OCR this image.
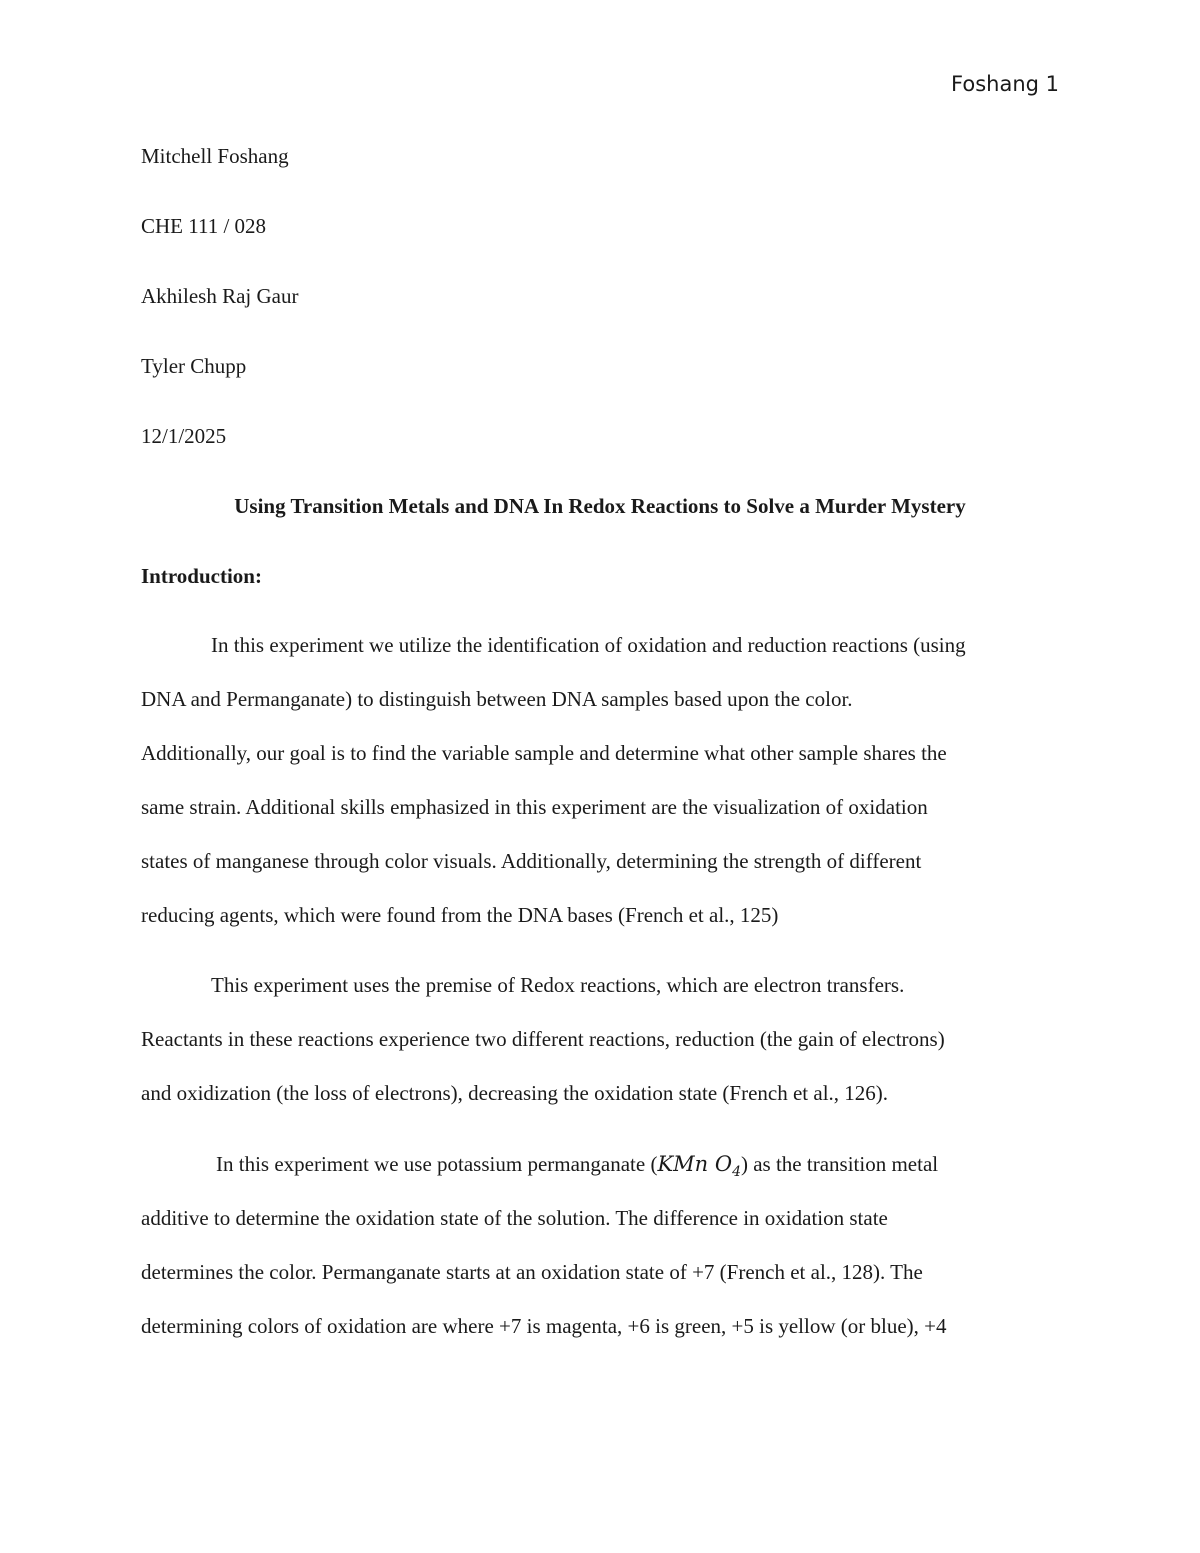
Foshang 1
Mitchell Foshang
CHE 111 / 028
Akhilesh Raj Gaur
Tyler Chupp
12/1/2025
Using Transition Metals and DNA In Redox Reactions to Solve a Murder Mystery
Introduction:
In this experiment we utilize the identification of oxidation and reduction reactions (using
DNA and Permanganate) to distinguish between DNA samples based upon the color.
Additionally, our goal is to find the variable sample and determine what other sample shares the
same strain. Additional skills emphasized in this experiment are the visualization of oxidation
states of manganese through color visuals. Additionally, determining the strength of different
reducing agents, which were found from the DNA bases (French et al., 125)
This experiment uses the premise of Redox reactions, which are electron transfers.
Reactants in these reactions experience two different reactions, reduction (the gain of electrons)
and oxidization (the loss of electrons), decreasing the oxidation state (French et al., 126).
In this experiment we use potassium permanganate (KMn $O_4$) as the transition metal
additive to determine the oxidation state of the solution. The difference in oxidation state
determines the color. Permanganate starts at an oxidation state of +7 (French et al., 128). The
determining colors of oxidation are where +7 is magenta, +6 is green, +5 is yellow (or blue), +4
